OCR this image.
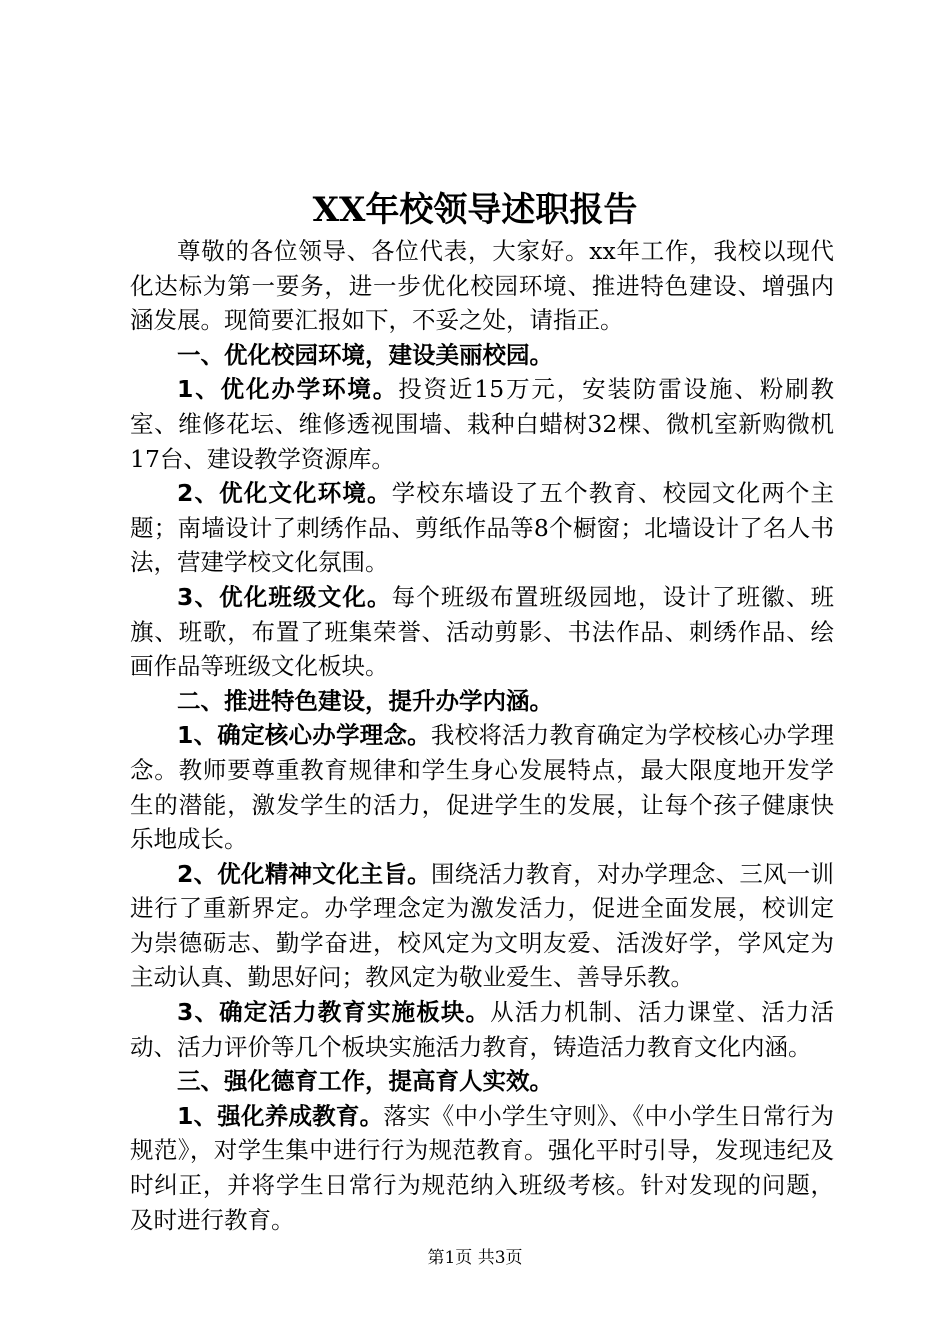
XX年校领导述职报告

尊敬的各位领导、各位代表，大家好。xx年工作，我校以现代化达标为第一要务，进一步优化校园环境、推进特色建设、增强内涵发展。现简要汇报如下，不妥之处，请指正。

一、优化校园环境，建设美丽校园。

1、优化办学环境。投资近15万元，安装防雷设施、粉刷教室、维修花坛、维修透视围墙、栽种白蜡树32棵、微机室新购微机17台、建设教学资源库。

2、优化文化环境。学校东墙设了五个教育、校园文化两个主题；南墙设计了刺绣作品、剪纸作品等8个橱窗；北墙设计了名人书法，营建学校文化氛围。

3、优化班级文化。每个班级布置班级园地，设计了班徽、班旗、班歌，布置了班集荣誉、活动剪影、书法作品、刺绣作品、绘画作品等班级文化板块。

二、推进特色建设，提升办学内涵。

1、确定核心办学理念。我校将活力教育确定为学校核心办学理念。教师要尊重教育规律和学生身心发展特点，最大限度地开发学生的潜能，激发学生的活力，促进学生的发展，让每个孩子健康快乐地成长。

2、优化精神文化主旨。围绕活力教育，对办学理念、三风一训进行了重新界定。办学理念定为激发活力，促进全面发展，校训定为崇德砺志、勤学奋进，校风定为文明友爱、活泼好学，学风定为主动认真、勤思好问；教风定为敬业爱生、善导乐教。

3、确定活力教育实施板块。从活力机制、活力课堂、活力活动、活力评价等几个板块实施活力教育，铸造活力教育文化内涵。

三、强化德育工作，提高育人实效。

1、强化养成教育。落实《中小学生守则》、《中小学生日常行为规范》，对学生集中进行行为规范教育。强化平时引导，发现违纪及时纠正，并将学生日常行为规范纳入班级考核。针对发现的问题，及时进行教育。

第1页 共3页
